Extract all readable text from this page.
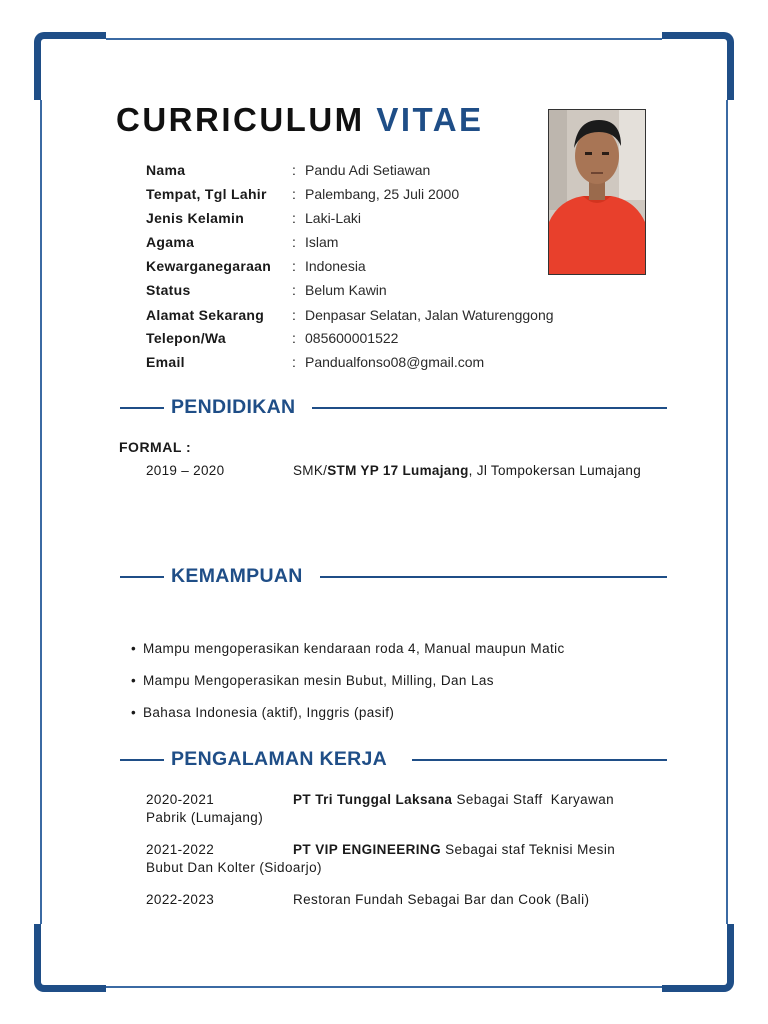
CURRICULUM VITAE
Nama	: Pandu Adi Setiawan
Tempat, Tgl Lahir : Palembang, 25 Juli 2000
Jenis Kelamin	: Laki-Laki
Agama	: Islam
Kewarganegaraan : Indonesia
Status	: Belum Kawin
Alamat Sekarang : Denpasar Selatan, Jalan Waturenggong
Telepon/Wa	: 085600001522
Email	: Pandualfonso08@gmail.com
PENDIDIKAN
FORMAL :
2019 – 2020	SMK/STM YP 17 Lumajang, Jl Tompokersan Lumajang
KEMAMPUAN
• Mampu mengoperasikan kendaraan roda 4, Manual maupun Matic
• Mampu Mengoperasikan mesin Bubut, Milling, Dan Las
• Bahasa Indonesia (aktif), Inggris (pasif)
PENGALAMAN KERJA
2020-2021	PT Tri Tunggal Laksana Sebagai Staff  Karyawan
Pabrik (Lumajang)
2021-2022	PT VIP ENGINEERING Sebagai staf Teknisi Mesin
Bubut Dan Kolter (Sidoarjo)
2022-2023	Restoran Fundah Sebagai Bar dan Cook (Bali)
